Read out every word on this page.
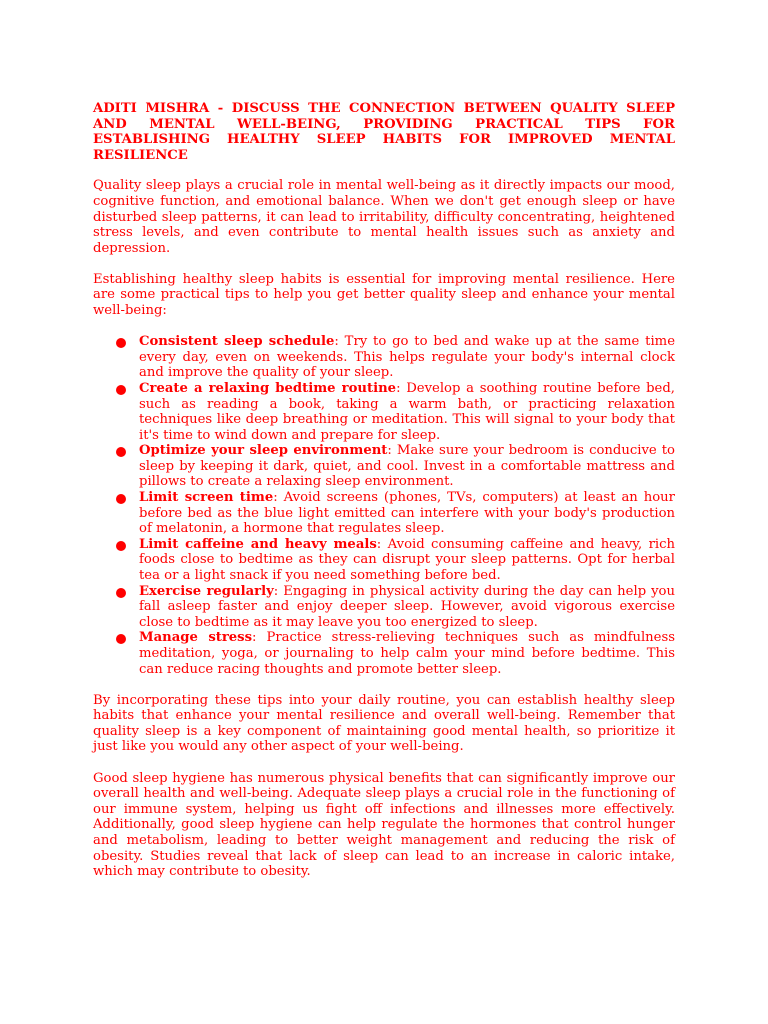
ADITI MISHRA - DISCUSS THE CONNECTION BETWEEN QUALITY SLEEP AND MENTAL WELL-BEING, PROVIDING PRACTICAL TIPS FOR ESTABLISHING HEALTHY SLEEP HABITS FOR IMPROVED MENTAL RESILIENCE

Quality sleep plays a crucial role in mental well-being as it directly impacts our mood, cognitive function, and emotional balance. When we don't get enough sleep or have disturbed sleep patterns, it can lead to irritability, difficulty concentrating, heightened stress levels, and even contribute to mental health issues such as anxiety and depression.

Establishing healthy sleep habits is essential for improving mental resilience. Here are some practical tips to help you get better quality sleep and enhance your mental well-being:

Consistent sleep schedule: Try to go to bed and wake up at the same time every day, even on weekends. This helps regulate your body's internal clock and improve the quality of your sleep.
Create a relaxing bedtime routine: Develop a soothing routine before bed, such as reading a book, taking a warm bath, or practicing relaxation techniques like deep breathing or meditation. This will signal to your body that it's time to wind down and prepare for sleep.
Optimize your sleep environment: Make sure your bedroom is conducive to sleep by keeping it dark, quiet, and cool. Invest in a comfortable mattress and pillows to create a relaxing sleep environment.
Limit screen time: Avoid screens (phones, TVs, computers) at least an hour before bed as the blue light emitted can interfere with your body's production of melatonin, a hormone that regulates sleep.
Limit caffeine and heavy meals: Avoid consuming caffeine and heavy, rich foods close to bedtime as they can disrupt your sleep patterns. Opt for herbal tea or a light snack if you need something before bed.
Exercise regularly: Engaging in physical activity during the day can help you fall asleep faster and enjoy deeper sleep. However, avoid vigorous exercise close to bedtime as it may leave you too energized to sleep.
Manage stress: Practice stress-relieving techniques such as mindfulness meditation, yoga, or journaling to help calm your mind before bedtime. This can reduce racing thoughts and promote better sleep.

By incorporating these tips into your daily routine, you can establish healthy sleep habits that enhance your mental resilience and overall well-being. Remember that quality sleep is a key component of maintaining good mental health, so prioritize it just like you would any other aspect of your well-being.

Good sleep hygiene has numerous physical benefits that can significantly improve our overall health and well-being. Adequate sleep plays a crucial role in the functioning of our immune system, helping us fight off infections and illnesses more effectively. Additionally, good sleep hygiene can help regulate the hormones that control hunger and metabolism, leading to better weight management and reducing the risk of obesity. Studies reveal that lack of sleep can lead to an increase in caloric intake, which may contribute to obesity.
